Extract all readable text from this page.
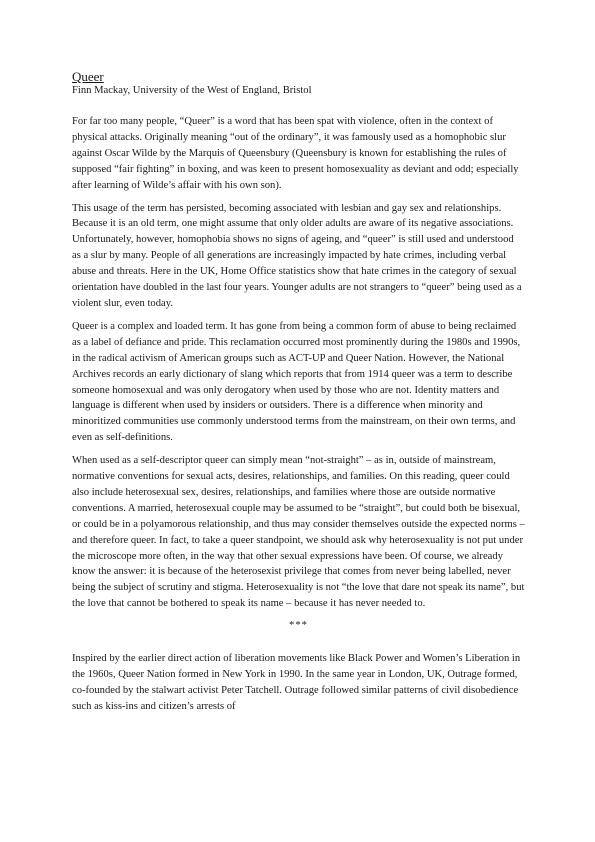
Queer

Finn Mackay, University of the West of England, Bristol

For far too many people, “Queer” is a word that has been spat with violence, often in the context of physical attacks. Originally meaning “out of the ordinary”, it was famously used as a homophobic slur against Oscar Wilde by the Marquis of Queensbury (Queensbury is known for establishing the rules of supposed “fair fighting” in boxing, and was keen to present homosexuality as deviant and odd; especially after learning of Wilde’s affair with his own son).

This usage of the term has persisted, becoming associated with lesbian and gay sex and relationships. Because it is an old term, one might assume that only older adults are aware of its negative associations. Unfortunately, however, homophobia shows no signs of ageing, and “queer” is still used and understood as a slur by many. People of all generations are increasingly impacted by hate crimes, including verbal abuse and threats. Here in the UK, Home Office statistics show that hate crimes in the category of sexual orientation have doubled in the last four years. Younger adults are not strangers to “queer” being used as a violent slur, even today.

Queer is a complex and loaded term. It has gone from being a common form of abuse to being reclaimed as a label of defiance and pride. This reclamation occurred most prominently during the 1980s and 1990s, in the radical activism of American groups such as ACT-UP and Queer Nation. However, the National Archives records an early dictionary of slang which reports that from 1914 queer was a term to describe someone homosexual and was only derogatory when used by those who are not. Identity matters and language is different when used by insiders or outsiders. There is a difference when minority and minoritized communities use commonly understood terms from the mainstream, on their own terms, and even as self-definitions.

When used as a self-descriptor queer can simply mean “not-straight” – as in, outside of mainstream, normative conventions for sexual acts, desires, relationships, and families. On this reading, queer could also include heterosexual sex, desires, relationships, and families where those are outside normative conventions. A married, heterosexual couple may be assumed to be “straight”, but could both be bisexual, or could be in a polyamorous relationship, and thus may consider themselves outside the expected norms – and therefore queer. In fact, to take a queer standpoint, we should ask why heterosexuality is not put under the microscope more often, in the way that other sexual expressions have been. Of course, we already know the answer: it is because of the heterosexist privilege that comes from never being labelled, never being the subject of scrutiny and stigma. Heterosexuality is not “the love that dare not speak its name”, but the love that cannot be bothered to speak its name – because it has never needed to.

***

Inspired by the earlier direct action of liberation movements like Black Power and Women’s Liberation in the 1960s, Queer Nation formed in New York in 1990. In the same year in London, UK, Outrage formed, co-founded by the stalwart activist Peter Tatchell. Outrage followed similar patterns of civil disobedience such as kiss-ins and citizen’s arrests of
